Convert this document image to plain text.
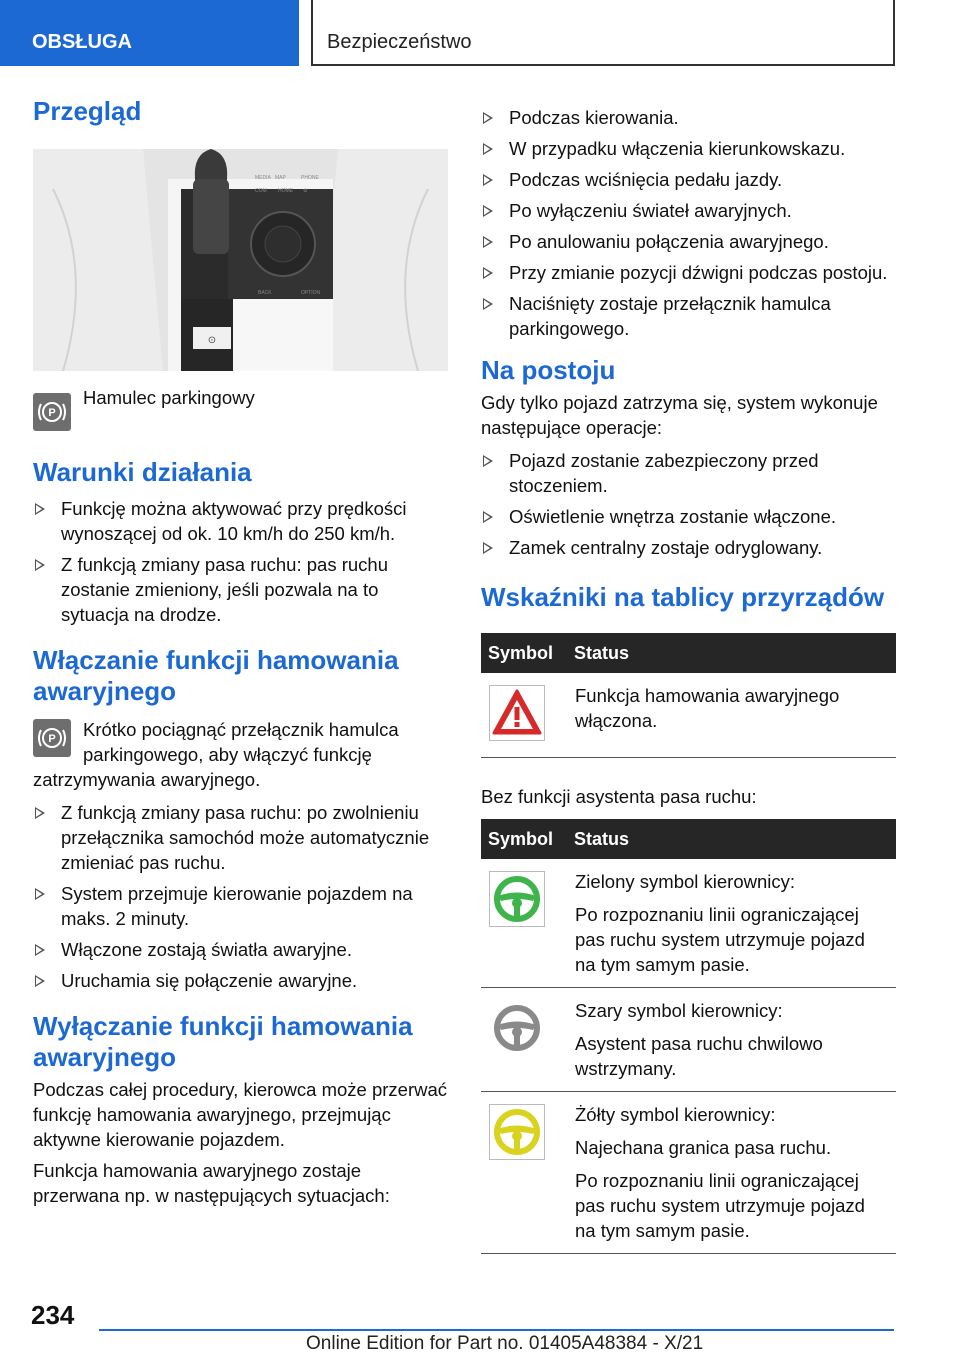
OBSŁUGA	Bezpieczeństwo
Przegląd
⊙
MEDIA MAP	PHONE
COM HOME ⚙
BACK	OPTION
P
Hamulec parkingowy
Warunki działania
Funkcję można aktywować przy prędkości wynoszącej od ok. 10 km/h do 250 km/h.
Z funkcją zmiany pasa ruchu: pas ruchu zostanie zmieniony, jeśli pozwala na to sytuacja na drodze.
Włączanie funkcji hamowania awaryjnego
P	Krótko pociągnąć przełącznik hamulca parkingowego, aby włączyć funkcję zatrzymywania awaryjnego.

Z funkcją zmiany pasa ruchu: po zwolnieniu przełącznika samochód może automatycznie zmieniać pas ruchu.
System przejmuje kierowanie pojazdem na maks. 2 minuty.
Włączone zostają światła awaryjne.
Uruchamia się połączenie awaryjne.
Wyłączanie funkcji hamowania awaryjnego

Podczas całej procedury, kierowca może przerwać funkcję hamowania awaryjnego, przejmując aktywne kierowanie pojazdem.

Funkcja hamowania awaryjnego zostaje przerwana np. w następujących sytuacjach:

Podczas kierowania.
W przypadku włączenia kierunkowskazu.
Podczas wciśnięcia pedału jazdy.
Po wyłączeniu świateł awaryjnych.
Po anulowaniu połączenia awaryjnego.
Przy zmianie pozycji dźwigni podczas postoju.
Naciśnięty zostaje przełącznik hamulca parkingowego.
Na postoju

Gdy tylko pojazd zatrzyma się, system wykonuje następujące operacje:

Pojazd zostanie zabezpieczony przed stoczeniem.
Oświetlenie wnętrza zostanie włączone.
Zamek centralny zostaje odryglowany.
Wskaźniki na tablicy przyrządów
Symbol	Status
	Funkcja hamowania awaryjnego włączona.

Bez funkcji asystenta pasa ruchu:

Symbol	Status

Zielony symbol kierownicy:

Po rozpoznaniu linii ograniczającej pas ruchu system utrzymuje pojazd na tym samym pasie.

Szary symbol kierownicy:

Asystent pasa ruchu chwilowo wstrzymany.

Żółty symbol kierownicy:

Najechana granica pasa ruchu.

Po rozpoznaniu linii ograniczającej pas ruchu system utrzymuje pojazd na tym samym pasie.

234
Online Edition for Part no. 01405A48384 - X/21
